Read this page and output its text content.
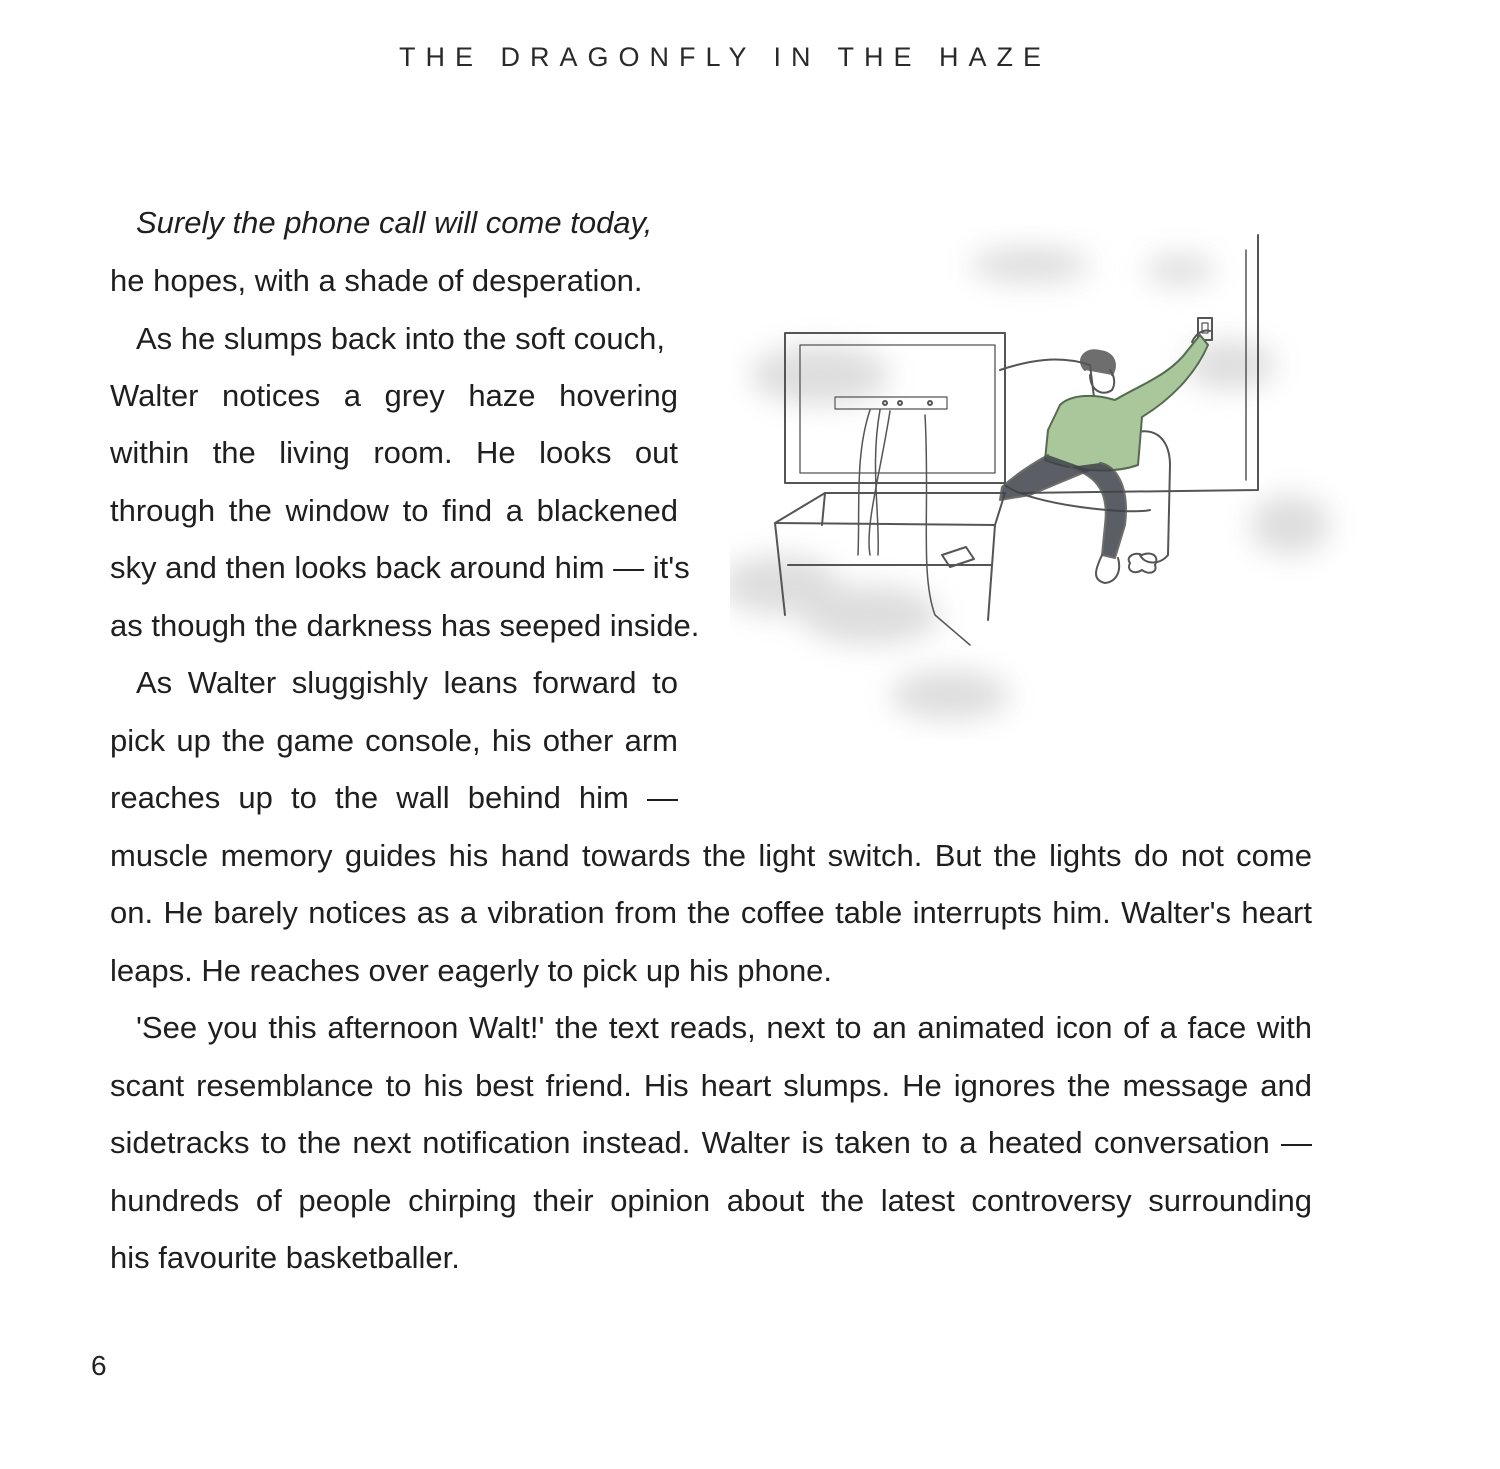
THE DRAGONFLY IN THE HAZE
Surely the phone call will come today,
he hopes, with a shade of desperation.
As he slumps back into the soft couch,
Walter notices a grey haze hovering
within the living room. He looks out
through the window to find a blackened
sky and then looks back around him — it's
as though the darkness has seeped inside.
As Walter sluggishly leans forward to
pick up the game console, his other arm
reaches up to the wall behind him —
muscle memory guides his hand towards the light switch. But the lights do not come
on. He barely notices as a vibration from the coffee table interrupts him. Walter's heart
leaps. He reaches over eagerly to pick up his phone.
'See you this afternoon Walt!' the text reads, next to an animated icon of a face with
scant resemblance to his best friend. His heart slumps. He ignores the message and
sidetracks to the next notification instead. Walter is taken to a heated conversation —
hundreds of people chirping their opinion about the latest controversy surrounding
his favourite basketballer.
6
